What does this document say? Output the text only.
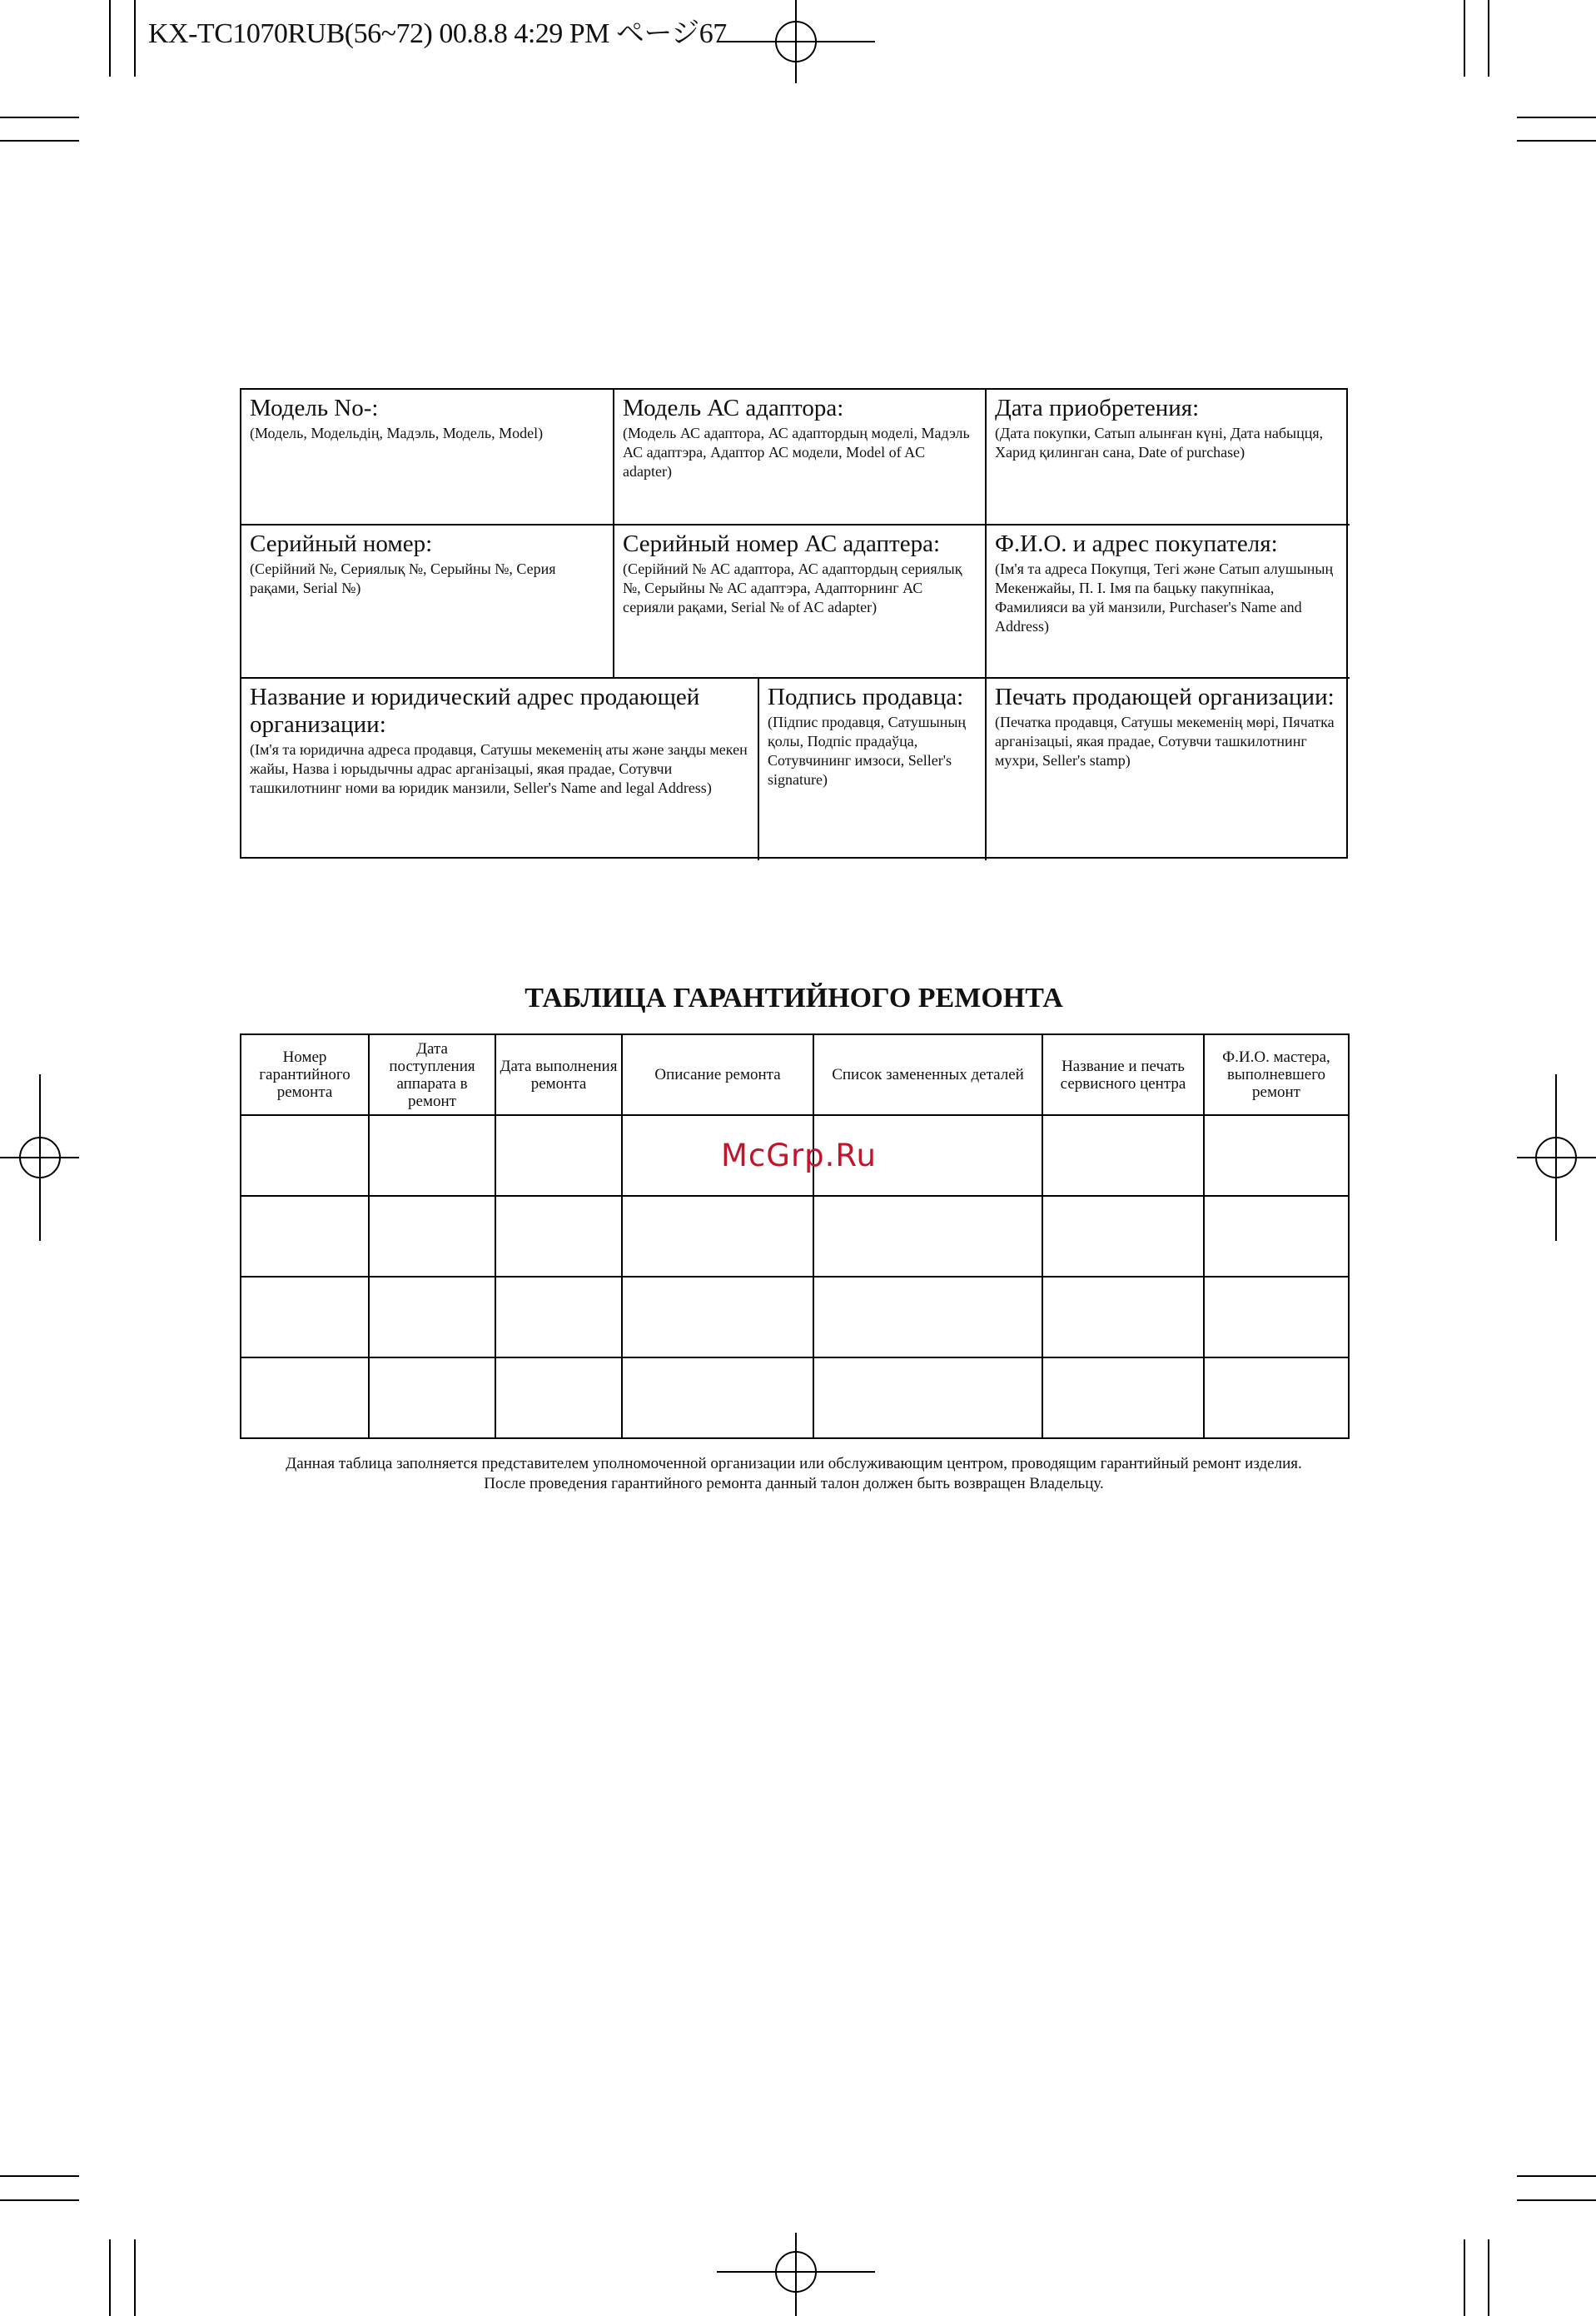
KX-TC1070RUB(56~72) 00.8.8 4:29 PM ページ67
Модель No-:
(Модель, Модельдің, Мадэль, Модель, Model)
Модель АС адаптора:
(Модель АС адаптора, АС адаптордың моделі, Мадэль АС адаптэра, Адаптор АС модели, Model of AC adapter)
Дата приобретения:
(Дата покупки, Сатып алынған күні, Дата набыцця, Харид қилинган сана, Date of purchase)
Серийный номер:
(Серійний №, Сериялық №, Серыйны №, Серия рақами, Serial №)
Серийный номер АС адаптера:
(Серійний № АС адаптора, АС адаптордың сериялық №, Серыйны № АС адаптэра, Адапторнинг АС серияли рақами, Serial № of AC adapter)
Ф.И.О. и адрес покупателя:
(Ім'я та адреса Покупця, Тегі және Сатып алушының Мекенжайы, П. І. Імя па бацьку пакупнікаа, Фамилияси ва уй манзили, Purchaser's Name and Address)
Название и юридический адрес продающей организации:
(Ім'я та юридична адреса продавця, Сатушы мекеменің аты және заңды мекен жайы, Назва і юрыдычны адрас арганізацыі, якая прадае, Сотувчи ташкилотнинг номи ва юридик манзили, Seller's Name and legal Address)
Подпись продавца:
(Підпис продавця, Сатушының қолы, Подпіс прадаўца, Сотувчининг имзоси, Seller's signature)
Печать продающей организации:
(Печатка продавця, Сатушы мекеменің мөрі, Пячатка арганізацыі, якая прадае, Сотувчи ташкилотнинг мухри, Seller's stamp)
ТАБЛИЦА ГАРАНТИЙНОГО РЕМОНТА
Номер гарантийного ремонта	Дата поступления аппарата в ремонт	Дата выполнения ремонта	Описание ремонта	Список замененных деталей	Название и печать сервисного центра	Ф.И.О. мастера, выполневшего ремонт

McGrp.Ru
Данная таблица заполняется представителем уполномоченной организации или обслуживающим центром, проводящим гарантийный ремонт изделия.
После проведения гарантийного ремонта данный талон должен быть возвращен Владельцу.
